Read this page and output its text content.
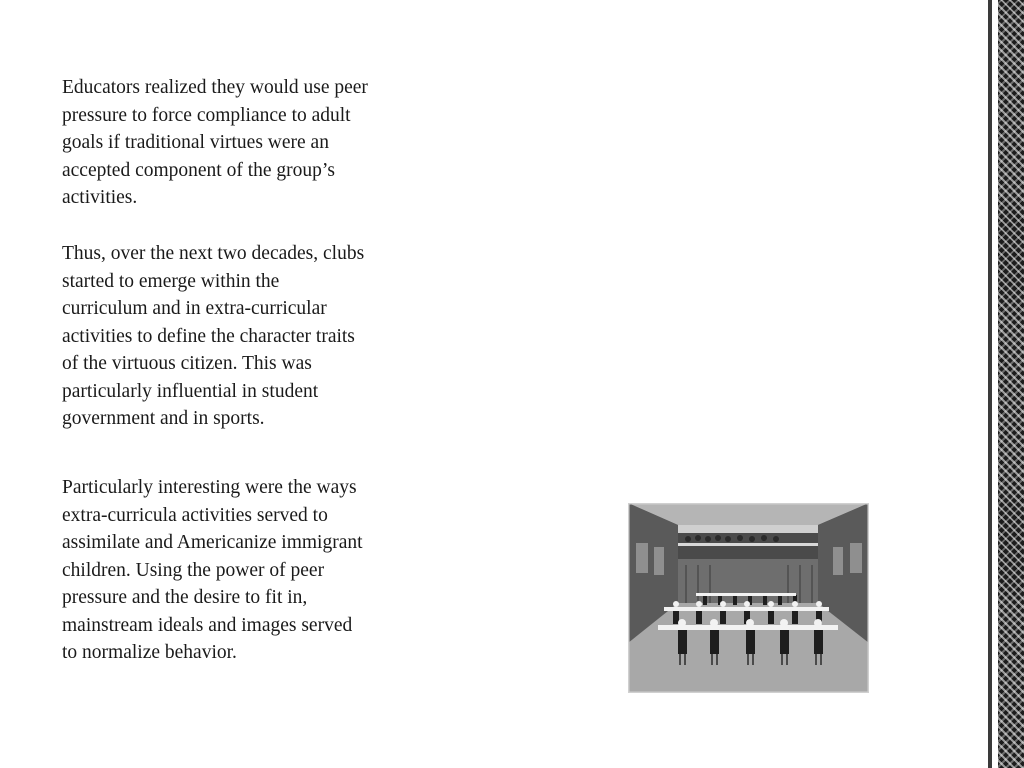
Educators realized they would use peer
pressure to force compliance to adult
goals if traditional virtues were an
accepted component of the group’s
activities.

Thus, over the next two decades, clubs
started to emerge within the
curriculum and in extra-curricular
activities to define the character traits
of the virtuous citizen. This was
particularly influential in student
government and in sports.

Particularly interesting were the ways
extra-curricula activities served to
assimilate and Americanize immigrant
children. Using the power of peer
pressure and the desire to fit in,
mainstream ideals and images served
to normalize behavior.
